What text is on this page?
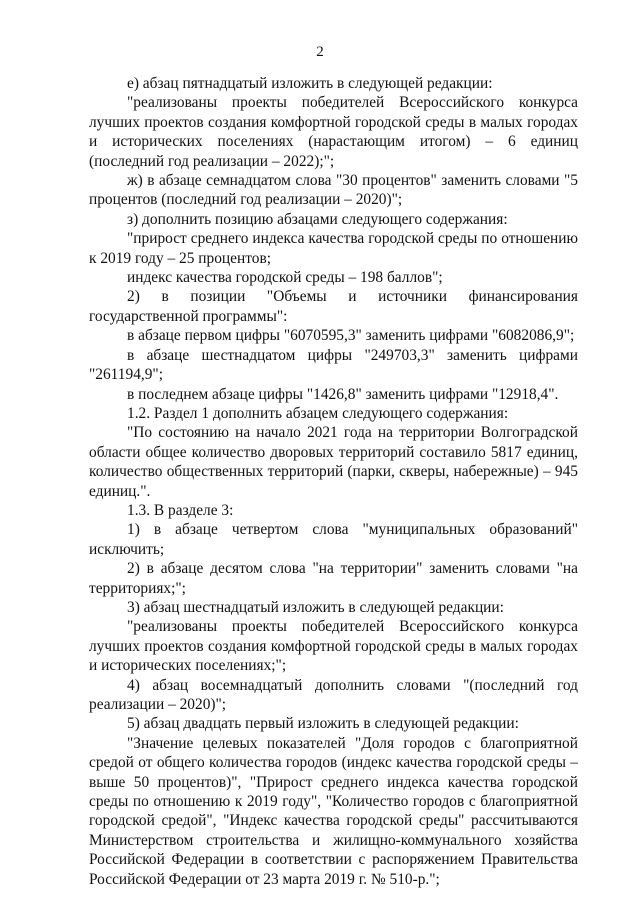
2

е) абзац пятнадцатый изложить в следующей редакции:

"реализованы проекты победителей Всероссийского конкурса лучших проектов создания комфортной городской среды в малых городах и исторических поселениях (нарастающим итогом) – 6 единиц (последний год реализации – 2022);";

ж) в абзаце семнадцатом слова "30 процентов" заменить словами "5 процентов (последний год реализации – 2020)";

з) дополнить позицию абзацами следующего содержания:

"прирост среднего индекса качества городской среды по отношению к 2019 году – 25 процентов;

индекс качества городской среды – 198 баллов";

2) в позиции "Объемы и источники финансирования государственной программы":

в абзаце первом цифры "6070595,3" заменить цифрами "6082086,9";

в абзаце шестнадцатом цифры "249703,3" заменить цифрами "261194,9";

в последнем абзаце цифры "1426,8" заменить цифрами "12918,4".

1.2. Раздел 1 дополнить абзацем следующего содержания:

"По состоянию на начало 2021 года на территории Волгоградской области общее количество дворовых территорий составило 5817 единиц, количество общественных территорий (парки, скверы, набережные) – 945 единиц.".

1.3. В разделе 3:

1) в абзаце четвертом слова "муниципальных образований" исключить;

2) в абзаце десятом слова "на территории" заменить словами "на территориях;";

3) абзац шестнадцатый изложить в следующей редакции:

"реализованы проекты победителей Всероссийского конкурса лучших проектов создания комфортной городской среды в малых городах и исторических поселениях;";

4) абзац восемнадцатый дополнить словами "(последний год реализации – 2020)";

5) абзац двадцать первый изложить в следующей редакции:

"Значение целевых показателей "Доля городов с благоприятной средой от общего количества городов (индекс качества городской среды – выше 50 процентов)", "Прирост среднего индекса качества городской среды по отношению к 2019 году", "Количество городов с благоприятной городской средой", "Индекс качества городской среды" рассчитываются Министерством строительства и жилищно-коммунального хозяйства Российской Федерации в соответствии с распоряжением Правительства Российской Федерации от 23 марта 2019 г. № 510-р.";
